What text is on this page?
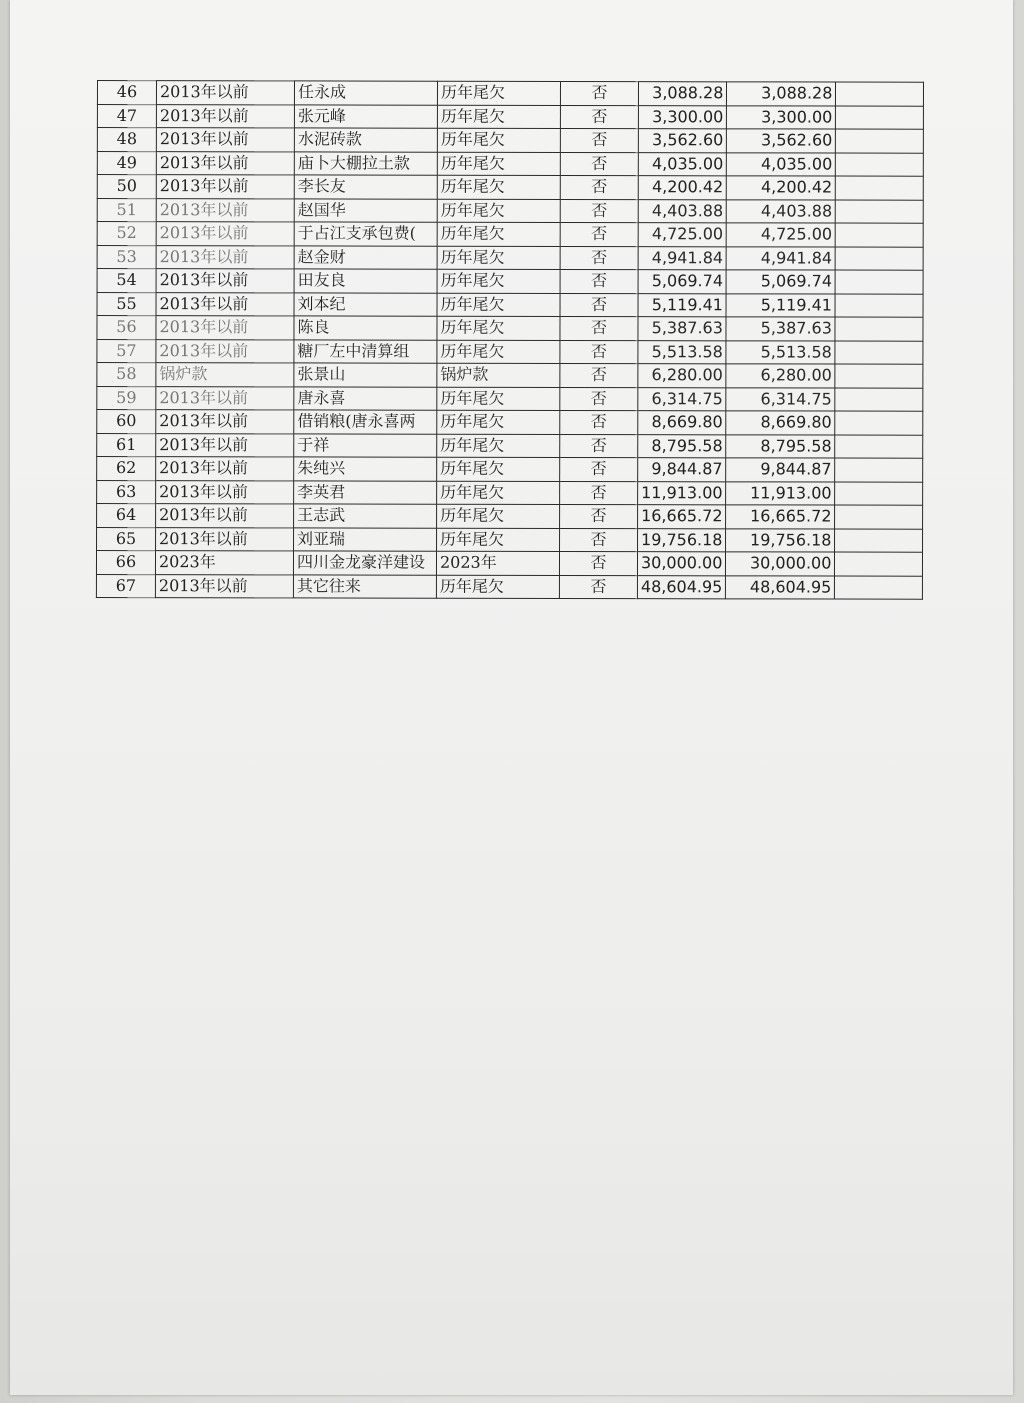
46	2013年以前	任永成	历年尾欠	否	3,088.28	3,088.28	
47	2013年以前	张元峰	历年尾欠	否	3,300.00	3,300.00	
48	2013年以前	水泥砖款	历年尾欠	否	3,562.60	3,562.60	
49	2013年以前	庙卜大棚拉土款	历年尾欠	否	4,035.00	4,035.00	
50	2013年以前	李长友	历年尾欠	否	4,200.42	4,200.42	
51	2013年以前	赵国华	历年尾欠	否	4,403.88	4,403.88	
52	2013年以前	于占江支承包费(	历年尾欠	否	4,725.00	4,725.00	
53	2013年以前	赵金财	历年尾欠	否	4,941.84	4,941.84	
54	2013年以前	田友良	历年尾欠	否	5,069.74	5,069.74	
55	2013年以前	刘本纪	历年尾欠	否	5,119.41	5,119.41	
56	2013年以前	陈良	历年尾欠	否	5,387.63	5,387.63	
57	2013年以前	糖厂左中清算组	历年尾欠	否	5,513.58	5,513.58	
58	锅炉款	张景山	锅炉款	否	6,280.00	6,280.00	
59	2013年以前	唐永喜	历年尾欠	否	6,314.75	6,314.75	
60	2013年以前	借销粮(唐永喜两	历年尾欠	否	8,669.80	8,669.80	
61	2013年以前	于祥	历年尾欠	否	8,795.58	8,795.58	
62	2013年以前	朱纯兴	历年尾欠	否	9,844.87	9,844.87	
63	2013年以前	李英君	历年尾欠	否	11,913.00	11,913.00	
64	2013年以前	王志武	历年尾欠	否	16,665.72	16,665.72	
65	2013年以前	刘亚瑞	历年尾欠	否	19,756.18	19,756.18	
66	2023年	四川金龙豪洋建设	2023年	否	30,000.00	30,000.00	
67	2013年以前	其它往来	历年尾欠	否	48,604.95	48,604.95	
